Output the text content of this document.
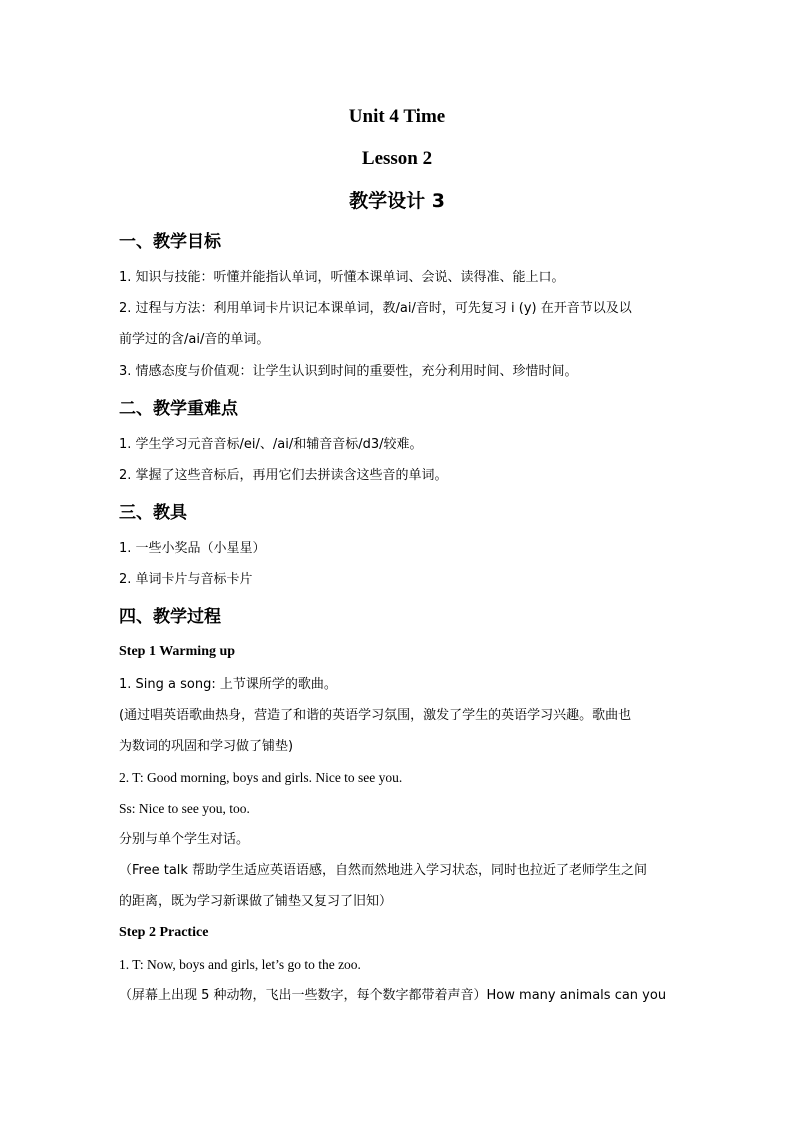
Unit 4 Time
Lesson 2
教学设计 3
一、教学目标
1. 知识与技能：听懂并能指认单词，听懂本课单词、会说、读得准、能上口。
2. 过程与方法：利用单词卡片识记本课单词，教/ai/音时，可先复习 i (y) 在开音节以及以
前学过的含/ai/音的单词。
3. 情感态度与价值观：让学生认识到时间的重要性，充分利用时间、珍惜时间。
二、教学重难点
1. 学生学习元音音标/ei/、/ai/和辅音音标/d3/较难。
2. 掌握了这些音标后，再用它们去拼读含这些音的单词。
三、教具
1. 一些小奖品（小星星）
2. 单词卡片与音标卡片
四、教学过程
Step 1 Warming up
1. Sing a song: 上节课所学的歌曲。
(通过唱英语歌曲热身，营造了和谐的英语学习氛围，激发了学生的英语学习兴趣。歌曲也
为数词的巩固和学习做了铺垫)
2. T: Good morning, boys and girls. Nice to see you.
Ss: Nice to see you, too.
分别与单个学生对话。
（Free talk 帮助学生适应英语语感，自然而然地进入学习状态，同时也拉近了老师学生之间
的距离，既为学习新课做了铺垫又复习了旧知）
Step 2 Practice
1. T: Now, boys and girls, let’s go to the zoo.
（屏幕上出现 5 种动物，飞出一些数字，每个数字都带着声音）How many animals can you
